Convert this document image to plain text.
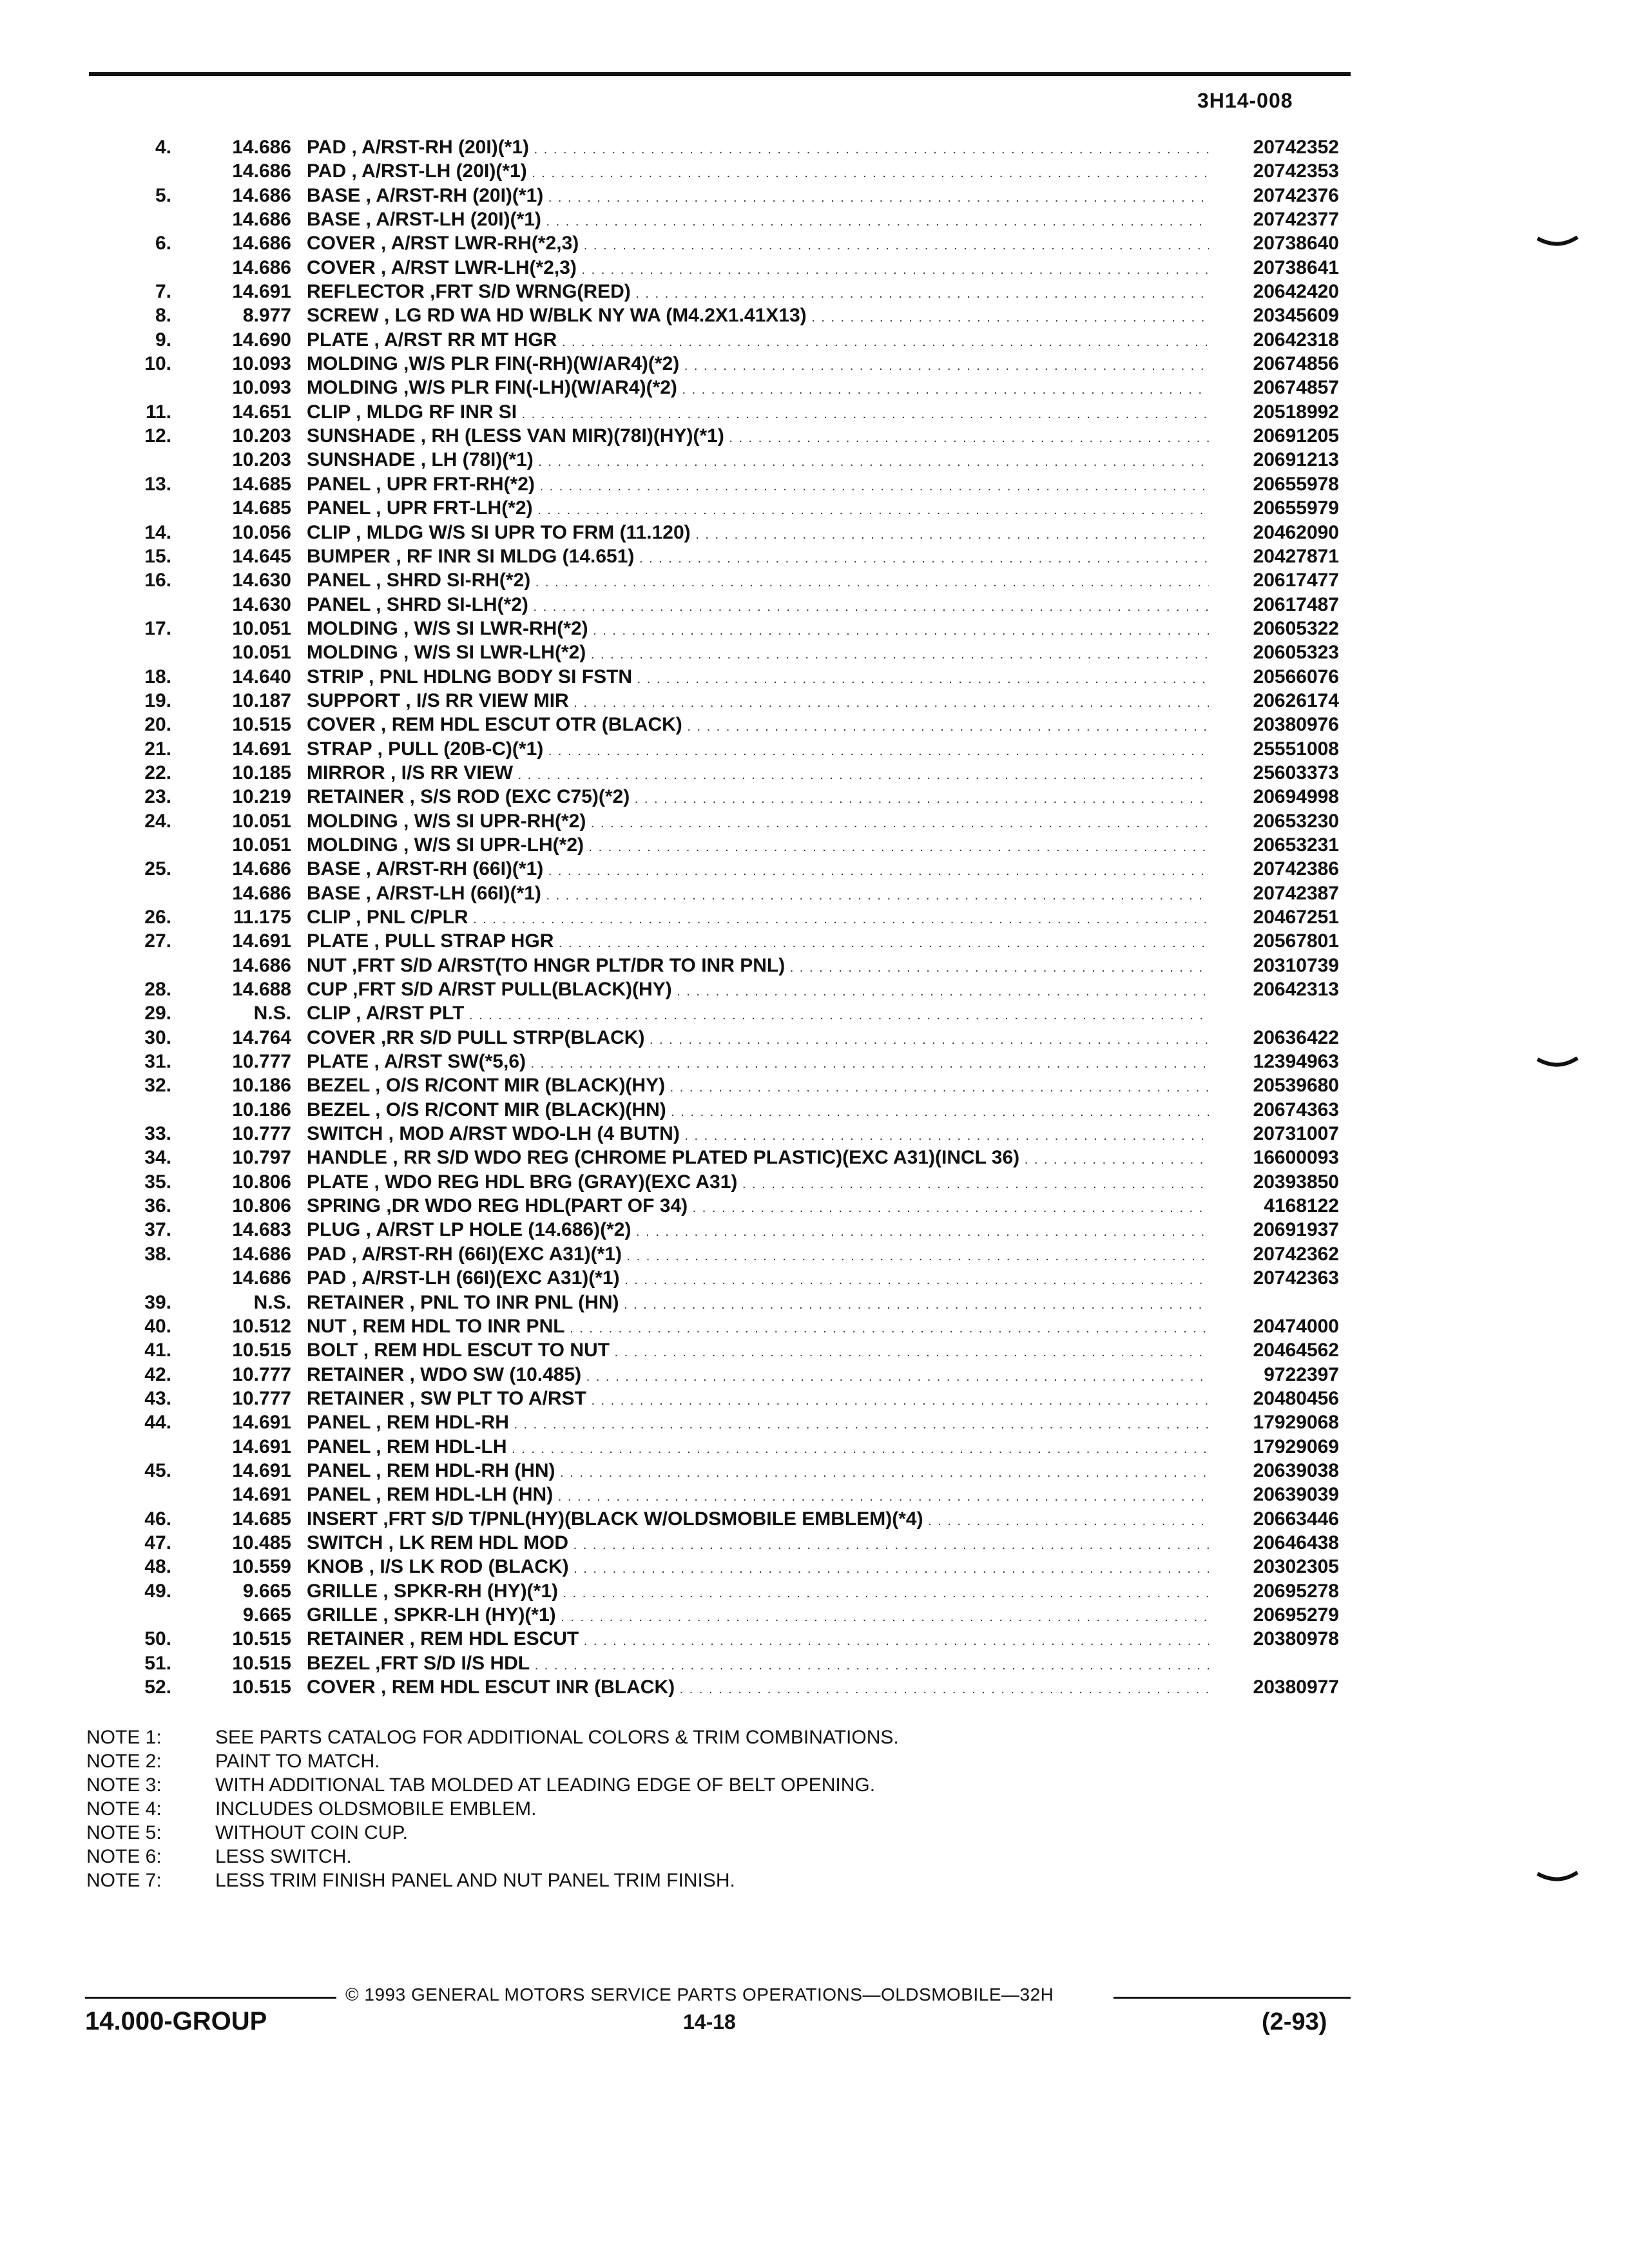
3H14-008
4.	14.686 PAD , A/RST-RH (20I)(*1) . . .	20742352
14.686 PAD , A/RST-LH (20I)(*1) . . .	20742353
5.	14.686 BASE , A/RST-RH (20I)(*1) . . .	20742376
14.686 BASE , A/RST-LH (20I)(*1) . . .	20742377
6.	14.686 COVER , A/RST LWR-RH(*2,3) . . .	20738640
14.686 COVER , A/RST LWR-LH(*2,3) . . .	20738641
7.	14.691 REFLECTOR ,FRT S/D WRNG(RED) . . .	20642420
8.	8.977 SCREW , LG RD WA HD W/BLK NY WA (M4.2X1.41X13) . . .	20345609
9.	14.690 PLATE , A/RST RR MT HGR . . .	20642318
10.	10.093 MOLDING ,W/S PLR FIN(-RH)(W/AR4)(*2) . . .	20674856
10.093 MOLDING ,W/S PLR FIN(-LH)(W/AR4)(*2) . . .	20674857
11.	14.651 CLIP , MLDG RF INR SI . . .	20518992
12.	10.203 SUNSHADE , RH (LESS VAN MIR)(78I)(HY)(*1) . . .	20691205
10.203 SUNSHADE , LH (78I)(*1) . . .	20691213
13.	14.685 PANEL , UPR FRT-RH(*2) . . .	20655978
14.685 PANEL , UPR FRT-LH(*2) . . .	20655979
14.	10.056 CLIP , MLDG W/S SI UPR TO FRM (11.120) . . .	20462090
15.	14.645 BUMPER , RF INR SI MLDG (14.651) . . .	20427871
16.	14.630 PANEL , SHRD SI-RH(*2) . . .	20617477
14.630 PANEL , SHRD SI-LH(*2) . . .	20617487
17.	10.051 MOLDING , W/S SI LWR-RH(*2) . . .	20605322
10.051 MOLDING , W/S SI LWR-LH(*2) . . .	20605323
18.	14.640 STRIP , PNL HDLNG BODY SI FSTN . . .	20566076
19.	10.187 SUPPORT , I/S RR VIEW MIR . . .	20626174
20.	10.515 COVER , REM HDL ESCUT OTR (BLACK) . . .	20380976
21.	14.691 STRAP , PULL (20B-C)(*1) . . .	25551008
22.	10.185 MIRROR , I/S RR VIEW . . .	25603373
23.	10.219 RETAINER , S/S ROD (EXC C75)(*2) . . .	20694998
24.	10.051 MOLDING , W/S SI UPR-RH(*2) . . .	20653230
10.051 MOLDING , W/S SI UPR-LH(*2) . . .	20653231
25.	14.686 BASE , A/RST-RH (66I)(*1) . . .	20742386
14.686 BASE , A/RST-LH (66I)(*1) . . .	20742387
26.	11.175 CLIP , PNL C/PLR . . .	20467251
27.	14.691 PLATE , PULL STRAP HGR . . .	20567801
14.686 NUT ,FRT S/D A/RST(TO HNGR PLT/DR TO INR PNL) . . .	20310739
28.	14.688 CUP ,FRT S/D A/RST PULL(BLACK)(HY) . . .	20642313
29.	N.S. CLIP , A/RST PLT . . .
30.	14.764 COVER ,RR S/D PULL STRP(BLACK) . . .	20636422
31.	10.777 PLATE , A/RST SW(*5,6) . . .	12394963
32.	10.186 BEZEL , O/S R/CONT MIR (BLACK)(HY) . . .	20539680
10.186 BEZEL , O/S R/CONT MIR (BLACK)(HN) . . .	20674363
33.	10.777 SWITCH , MOD A/RST WDO-LH (4 BUTN) . . .	20731007
34.	10.797 HANDLE , RR S/D WDO REG (CHROME PLATED PLASTIC)(EXC A31)(INCL 36) . . .	16600093
35.	10.806 PLATE , WDO REG HDL BRG (GRAY)(EXC A31) . . .	20393850
36.	10.806 SPRING ,DR WDO REG HDL(PART OF 34) . . .	4168122
37.	14.683 PLUG , A/RST LP HOLE (14.686)(*2) . . .	20691937
38.	14.686 PAD , A/RST-RH (66I)(EXC A31)(*1) . . .	20742362
14.686 PAD , A/RST-LH (66I)(EXC A31)(*1) . . .	20742363
39.	N.S. RETAINER , PNL TO INR PNL (HN) . . .
40.	10.512 NUT , REM HDL TO INR PNL . . .	20474000
41.	10.515 BOLT , REM HDL ESCUT TO NUT . . .	20464562
42.	10.777 RETAINER , WDO SW (10.485) . . .	9722397
43.	10.777 RETAINER , SW PLT TO A/RST . . .	20480456
44.	14.691 PANEL , REM HDL-RH . . .	17929068
14.691 PANEL , REM HDL-LH . . .	17929069
45.	14.691 PANEL , REM HDL-RH (HN) . . .	20639038
14.691 PANEL , REM HDL-LH (HN) . . .	20639039
46.	14.685 INSERT ,FRT S/D T/PNL(HY)(BLACK W/OLDSMOBILE EMBLEM)(*4) . . .	20663446
47.	10.485 SWITCH , LK REM HDL MOD . . .	20646438
48.	10.559 KNOB , I/S LK ROD (BLACK) . . .	20302305
49.	9.665 GRILLE , SPKR-RH (HY)(*1) . . .	20695278
9.665 GRILLE , SPKR-LH (HY)(*1) . . .	20695279
50.	10.515 RETAINER , REM HDL ESCUT . . .	20380978
51.	10.515 BEZEL ,FRT S/D I/S HDL . . .
52.	10.515 COVER , REM HDL ESCUT INR (BLACK) . . .	20380977
NOTE 1:	SEE PARTS CATALOG FOR ADDITIONAL COLORS & TRIM COMBINATIONS.
NOTE 2:	PAINT TO MATCH.
NOTE 3:	WITH ADDITIONAL TAB MOLDED AT LEADING EDGE OF BELT OPENING.
NOTE 4:	INCLUDES OLDSMOBILE EMBLEM.
NOTE 5:	WITHOUT COIN CUP.
NOTE 6:	LESS SWITCH.
NOTE 7:	LESS TRIM FINISH PANEL AND NUT PANEL TRIM FINISH.
© 1993 GENERAL MOTORS SERVICE PARTS OPERATIONS—OLDSMOBILE—32H
14.000-GROUP	14-18	(2-93)
